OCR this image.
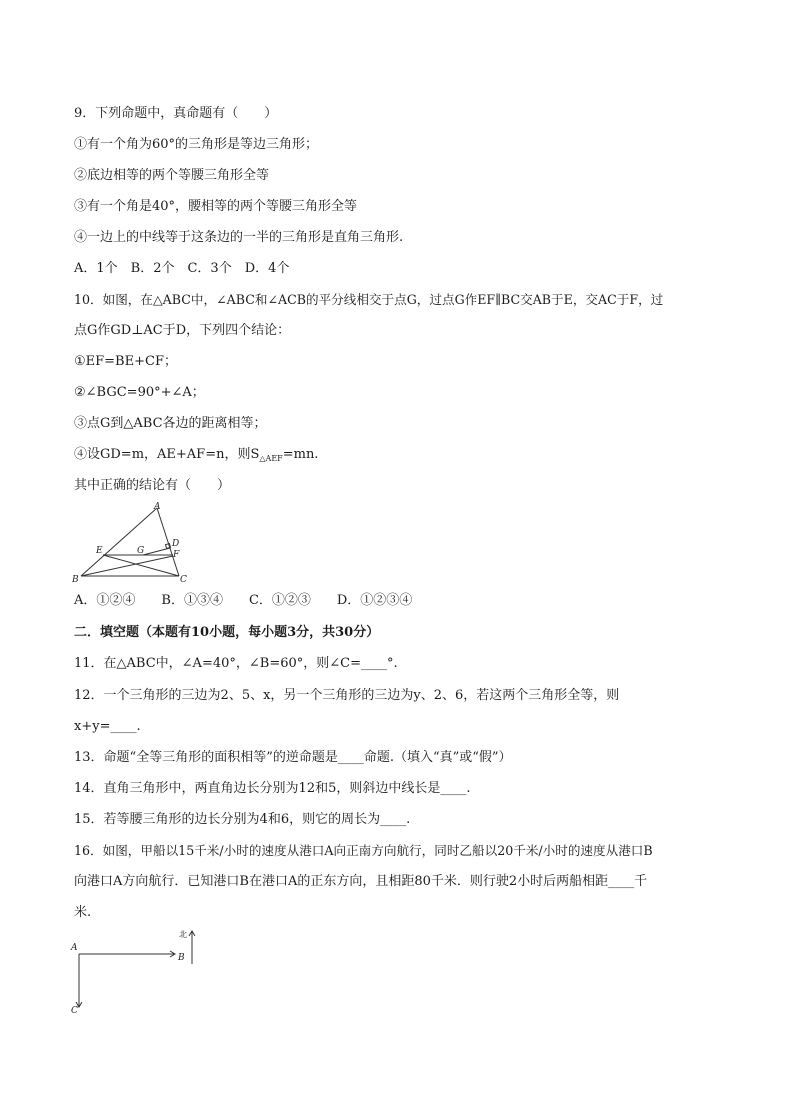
9．下列命题中，真命题有（　　）
①有一个角为60°的三角形是等边三角形；
②底边相等的两个等腰三角形全等
③有一个角是40°，腰相等的两个等腰三角形全等
④一边上的中线等于这条边的一半的三角形是直角三角形.
A．1个　B．2个　C．3个　D．4个
10．如图，在△ABC中，∠ABC和∠ACB的平分线相交于点G，过点G作EF∥BC交AB于E，交AC于F，过
点G作GD⊥AC于D，下列四个结论：
①EF=BE+CF；
②∠BGC=90°+∠A；
③点G到△ABC各边的距离相等；
④设GD=m，AE+AF=n，则$S_{\triangle AEF}=mn$.
其中正确的结论有（　　）
A
D
E	G	F
B	C
A．①②④　　B．①③④　　C．①②③　　D．①②③④
二．填空题（本题有10小题，每小题3分，共30分）
11．在△ABC中，∠A=40°，∠B=60°，则∠C=____°.
12．一个三角形的三边为2、5、x，另一个三角形的三边为y、2、6，若这两个三角形全等，则
x+y=____.
13．命题“全等三角形的面积相等”的逆命题是____命题.（填入“真”或“假”）
14．直角三角形中，两直角边长分别为12和5，则斜边中线长是____.
15．若等腰三角形的边长分别为4和6，则它的周长为____.
16．如图，甲船以15千米/小时的速度从港口A向正南方向航行，同时乙船以20千米/小时的速度从港口B
向港口A方向航行．已知港口B在港口A的正东方向，且相距80千米．则行驶2小时后两船相距____千
米.
A
B
C
北
